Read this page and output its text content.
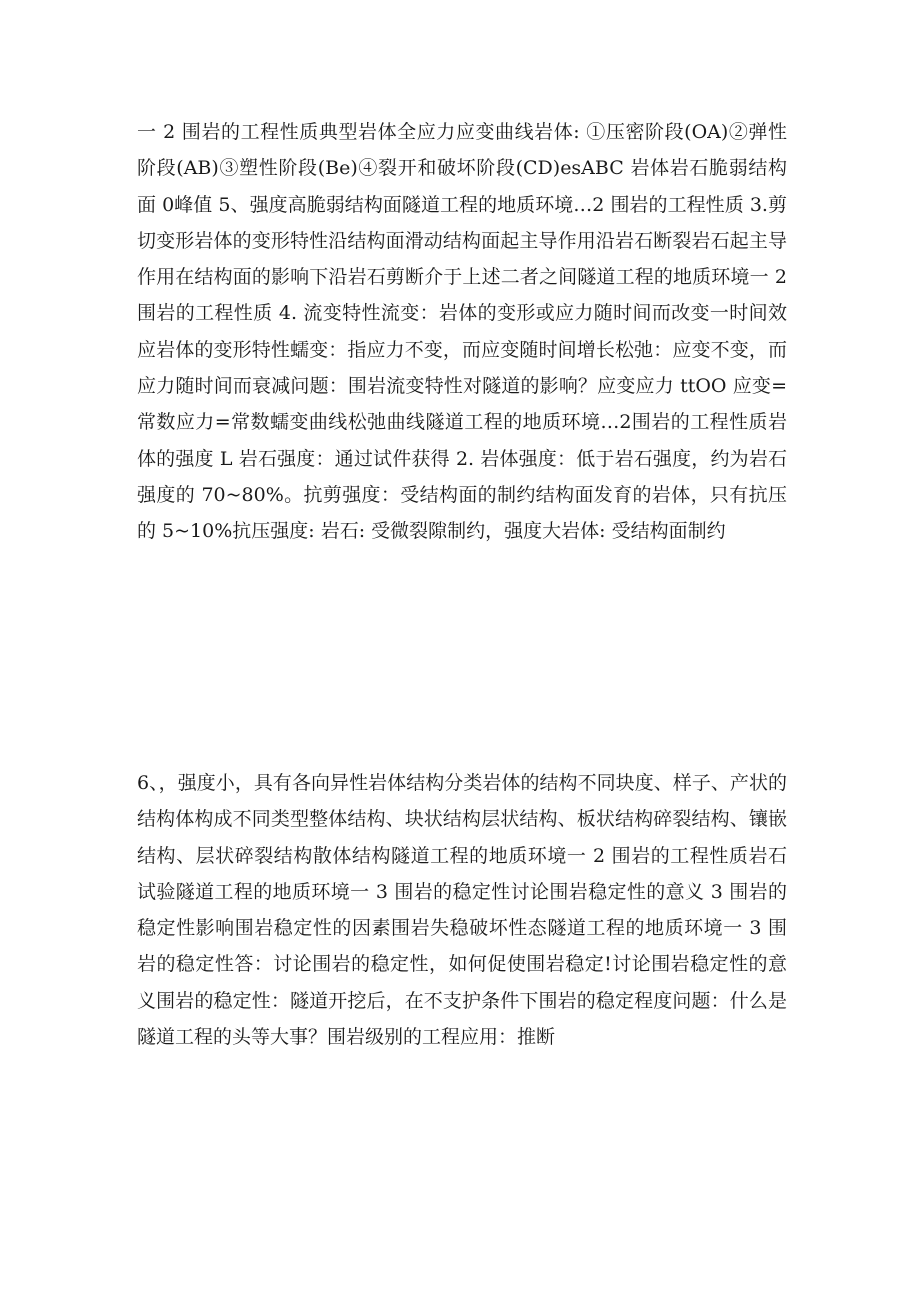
一 2 围岩的工程性质典型岩体全应力应变曲线岩体: ①压密阶段(OA)②弹性阶段(AB)③塑性阶段(Be)④裂开和破坏阶段(CD)esABC 岩体岩石脆弱结构面 0峰值 5、强度高脆弱结构面隧道工程的地质环境…2 围岩的工程性质 3.剪切变形岩体的变形特性沿结构面滑动结构面起主导作用沿岩石断裂岩石起主导作用在结构面的影响下沿岩石剪断介于上述二者之间隧道工程的地质环境一 2 围岩的工程性质 4. 流变特性流变：岩体的变形或应力随时间而改变一时间效应岩体的变形特性蠕变：指应力不变，而应变随时间增长松弛：应变不变，而应力随时间而衰减问题：围岩流变特性对隧道的影响？应变应力 ttOO 应变=常数应力=常数蠕变曲线松弛曲线隧道工程的地质环境…2围岩的工程性质岩体的强度 L 岩石强度：通过试件获得 2. 岩体强度：低于岩石强度，约为岩石强度的 70~80%。抗剪强度：受结构面的制约结构面发育的岩体，只有抗压的 5~10%抗压强度: 岩石: 受微裂隙制约，强度大岩体: 受结构面制约

6、，强度小，具有各向异性岩体结构分类岩体的结构不同块度、样子、产状的结构体构成不同类型整体结构、块状结构层状结构、板状结构碎裂结构、镶嵌结构、层状碎裂结构散体结构隧道工程的地质环境一 2 围岩的工程性质岩石试验隧道工程的地质环境一 3 围岩的稳定性讨论围岩稳定性的意义 3 围岩的稳定性影响围岩稳定性的因素围岩失稳破坏性态隧道工程的地质环境一 3 围岩的稳定性答：讨论围岩的稳定性，如何促使围岩稳定!讨论围岩稳定性的意义围岩的稳定性：隧道开挖后，在不支护条件下围岩的稳定程度问题：什么是隧道工程的头等大事？围岩级别的工程应用：推断
